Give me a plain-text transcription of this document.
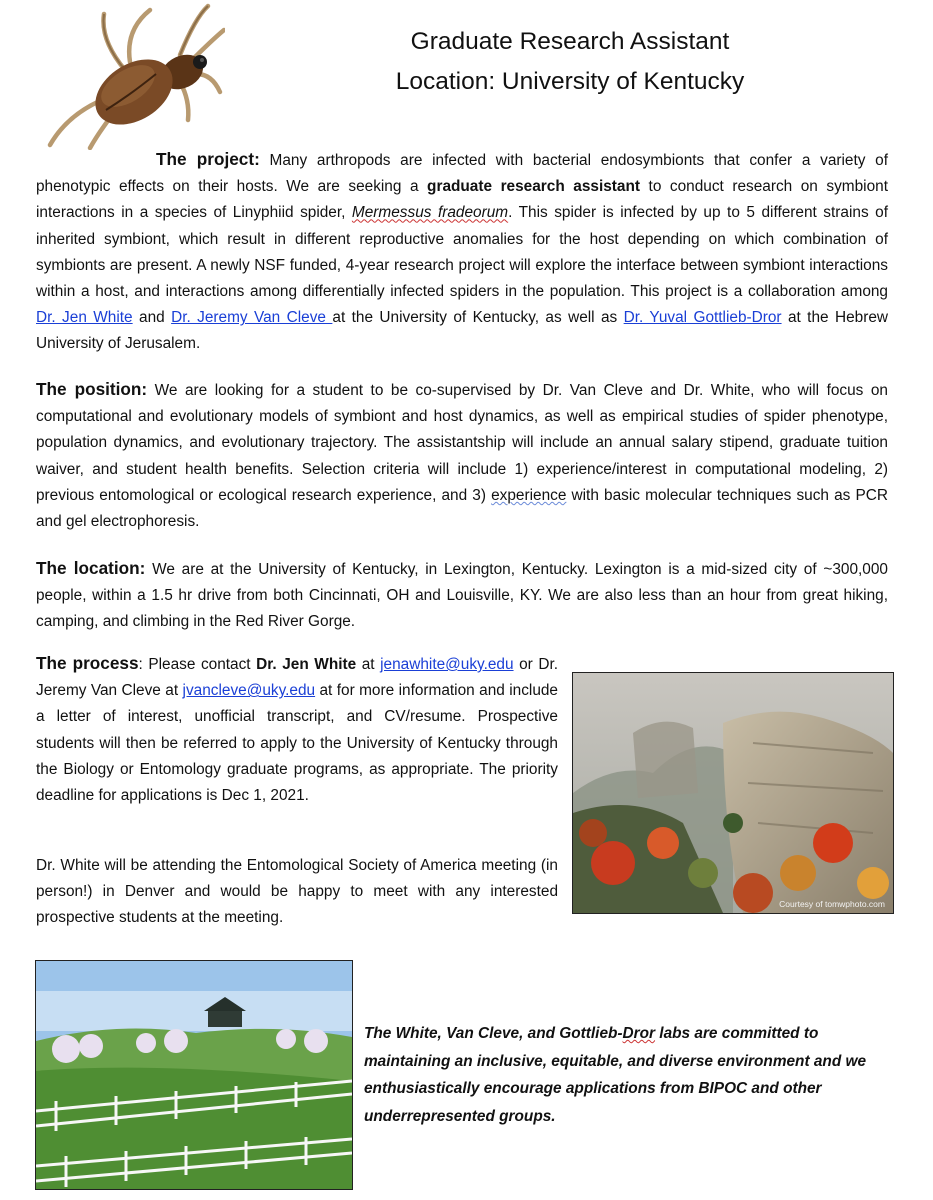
Graduate Research Assistant
Location: University of Kentucky

The project: Many arthropods are infected with bacterial endosymbionts that confer a variety of phenotypic effects on their hosts. We are seeking a graduate research assistant to conduct research on symbiont interactions in a species of Linyphiid spider, Mermessus fradeorum. This spider is infected by up to 5 different strains of inherited symbiont, which result in different reproductive anomalies for the host depending on which combination of symbionts are present. A newly NSF funded, 4-year research project will explore the interface between symbiont interactions within a host, and interactions among differentially infected spiders in the population. This project is a collaboration among Dr. Jen White and Dr. Jeremy Van Cleve at the University of Kentucky, as well as Dr. Yuval Gottlieb-Dror at the Hebrew University of Jerusalem.

The position: We are looking for a student to be co-supervised by Dr. Van Cleve and Dr. White, who will focus on computational and evolutionary models of symbiont and host dynamics, as well as empirical studies of spider phenotype, population dynamics, and evolutionary trajectory. The assistantship will include an annual salary stipend, graduate tuition waiver, and student health benefits. Selection criteria will include 1) experience/interest in computational modeling, 2) previous entomological or ecological research experience, and 3) experience with basic molecular techniques such as PCR and gel electrophoresis.

The location: We are at the University of Kentucky, in Lexington, Kentucky. Lexington is a mid-sized city of ~300,000 people, within a 1.5 hr drive from both Cincinnati, OH and Louisville, KY. We are also less than an hour from great hiking, camping, and climbing in the Red River Gorge.

The process: Please contact Dr. Jen White at jenawhite@uky.edu or Dr. Jeremy Van Cleve at jvancleve@uky.edu at for more information and include a letter of interest, unofficial transcript, and CV/resume. Prospective students will then be referred to apply to the University of Kentucky through the Biology or Entomology graduate programs, as appropriate. The priority deadline for applications is Dec 1, 2021.

Dr. White will be attending the Entomological Society of America meeting (in person!) in Denver and would be happy to meet with any interested prospective students at the meeting.

Courtesy of tomwphoto.com

The White, Van Cleve, and Gottlieb-Dror labs are committed to maintaining an inclusive, equitable, and diverse environment and we enthusiastically encourage applications from BIPOC and other underrepresented groups.
